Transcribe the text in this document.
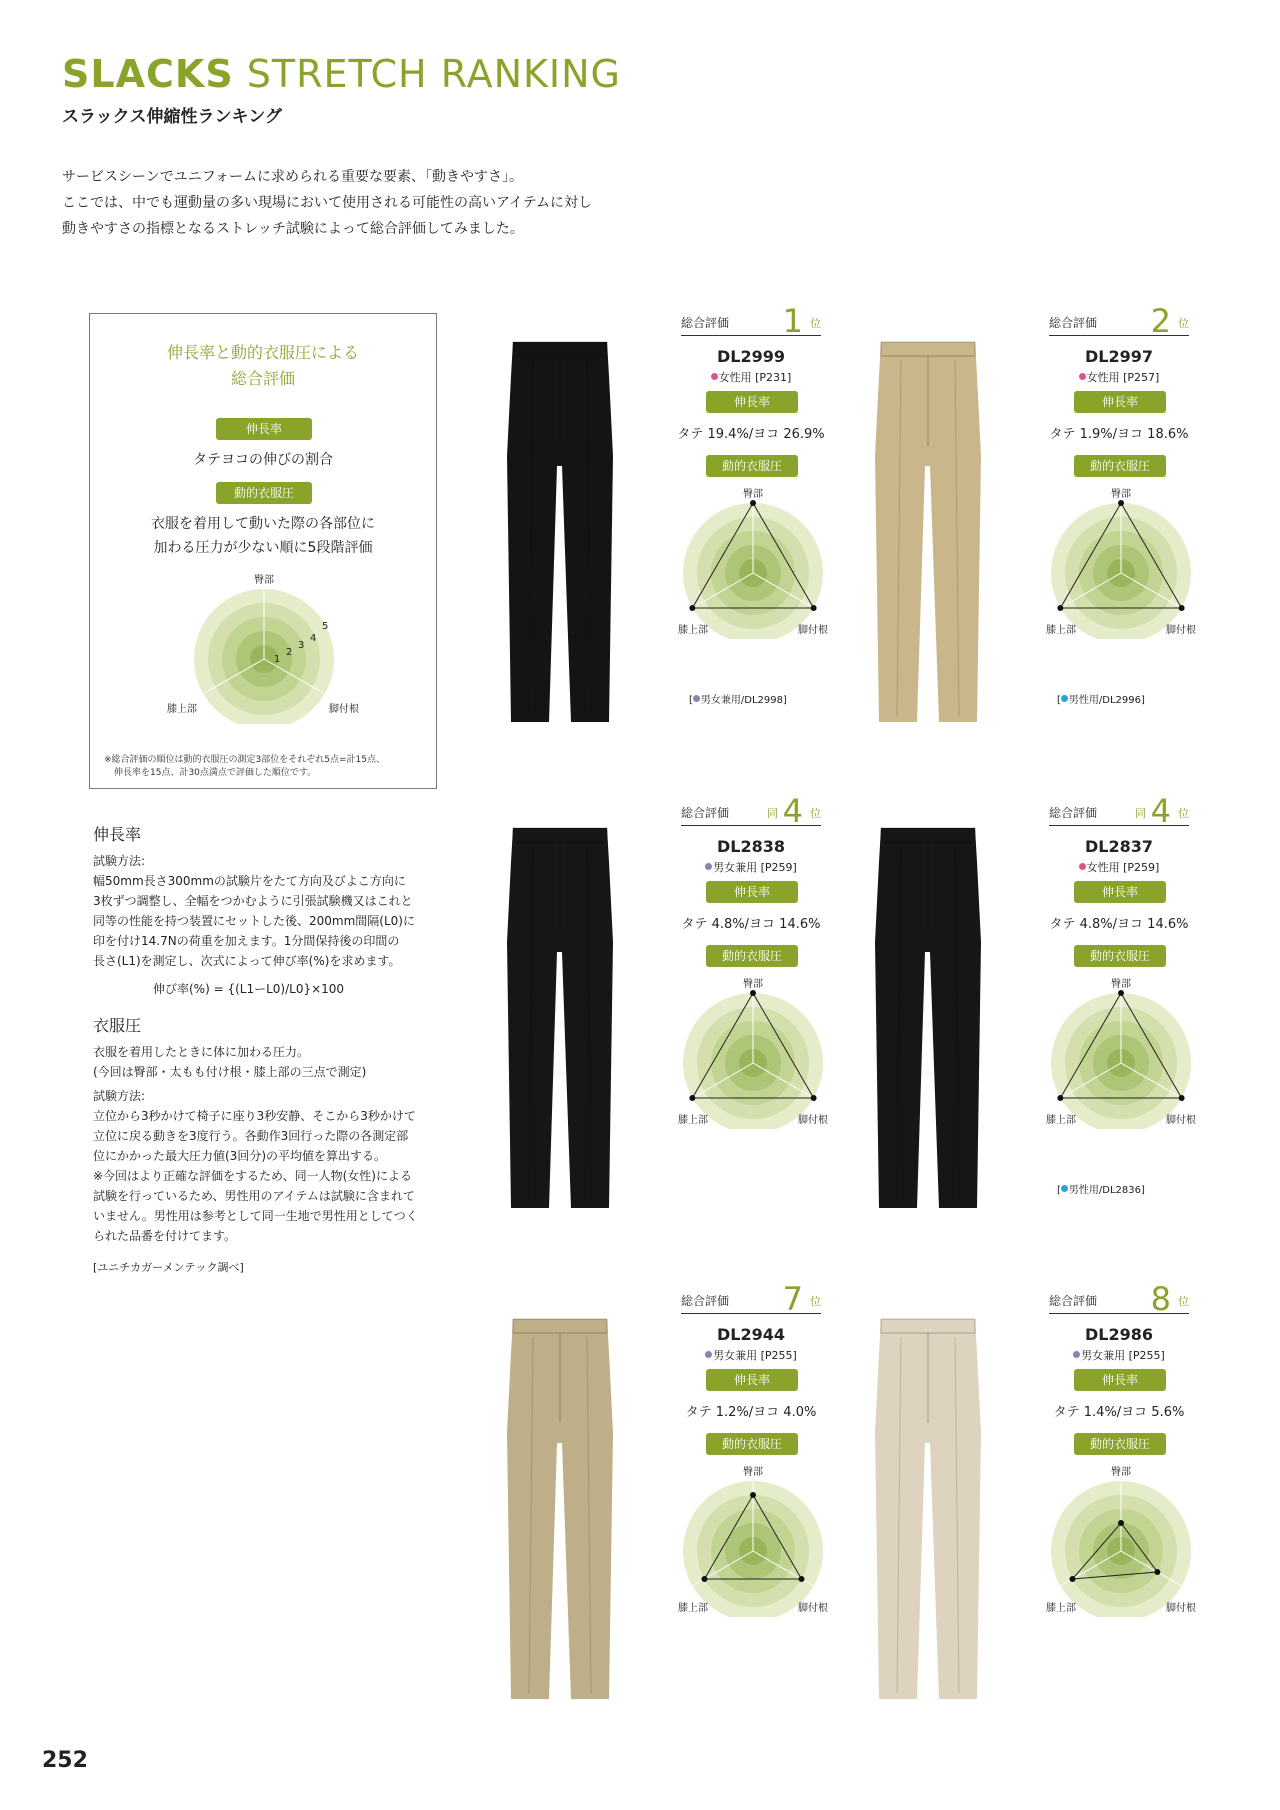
SLACKS STRETCH RANKING
スラックス伸縮性ランキング
サービスシーンでユニフォームに求められる重要な要素、「動きやすさ」。
ここでは、中でも運動量の多い現場において使用される可能性の高いアイテムに対し
動きやすさの指標となるストレッチ試験によって総合評価してみました。
伸長率と動的衣服圧による
総合評価
伸長率
タテヨコの伸びの割合
動的衣服圧
衣服を着用して動いた際の各部位に
加わる圧力が少ない順に5段階評価
臀部
膝上部	脚付根
1
2
3
4
5
※総合評価の順位は動的衣服圧の測定3部位をそれぞれ5点=計15点、
伸長率を15点、計30点満点で評価した順位です。
伸長率
試験方法:
幅50mm長さ300mmの試験片をたて方向及びよこ方向に
3枚ずつ調整し、全幅をつかむように引張試験機又はこれと
同等の性能を持つ装置にセットした後、200mm間隔(L0)に
印を付け14.7Nの荷重を加えます。1分間保持後の印間の
長さ(L1)を測定し、次式によって伸び率(%)を求めます。
伸び率(%) = {(L1ーL0)/L0}×100
衣服圧
衣服を着用したときに体に加わる圧力。
(今回は臀部・太もも付け根・膝上部の三点で測定)
試験方法:
立位から3秒かけて椅子に座り3秒安静、そこから3秒かけて
立位に戻る動きを3度行う。各動作3回行った際の各測定部
位にかかった最大圧力値(3回分)の平均値を算出する。
※今回はより正確な評価をするため、同一人物(女性)による
試験を行っているため、男性用のアイテムは試験に含まれて
いません。男性用は参考として同一生地で男性用としてつく
られた品番を付けてます。
[ユニチカガーメンテック調べ]
総合評価 1 位
DL2999
女性用 [P231]
伸長率
タテ 19.4%/ヨコ 26.9%
動的衣服圧
臀部
膝上部	脚付根
[ 男女兼用/DL2998]
総合評価 2 位
DL2997
女性用 [P257]
伸長率
タテ 1.9%/ヨコ 18.6%
動的衣服圧
臀部
膝上部	脚付根
[ 男性用/DL2996]
総合評価	同 4 位
DL2838
男女兼用 [P259]
伸長率
タテ 4.8%/ヨコ 14.6%
動的衣服圧
臀部
膝上部	脚付根
総合評価	同 4 位
DL2837
女性用 [P259]
伸長率
タテ 4.8%/ヨコ 14.6%
動的衣服圧
臀部
膝上部	脚付根
[ 男性用/DL2836]
総合評価 7 位
DL2944
男女兼用 [P255]
伸長率
タテ 1.2%/ヨコ 4.0%
動的衣服圧
臀部
膝上部	脚付根
総合評価 8 位
DL2986
男女兼用 [P255]
伸長率
タテ 1.4%/ヨコ 5.6%
動的衣服圧
臀部
膝上部	脚付根
252
